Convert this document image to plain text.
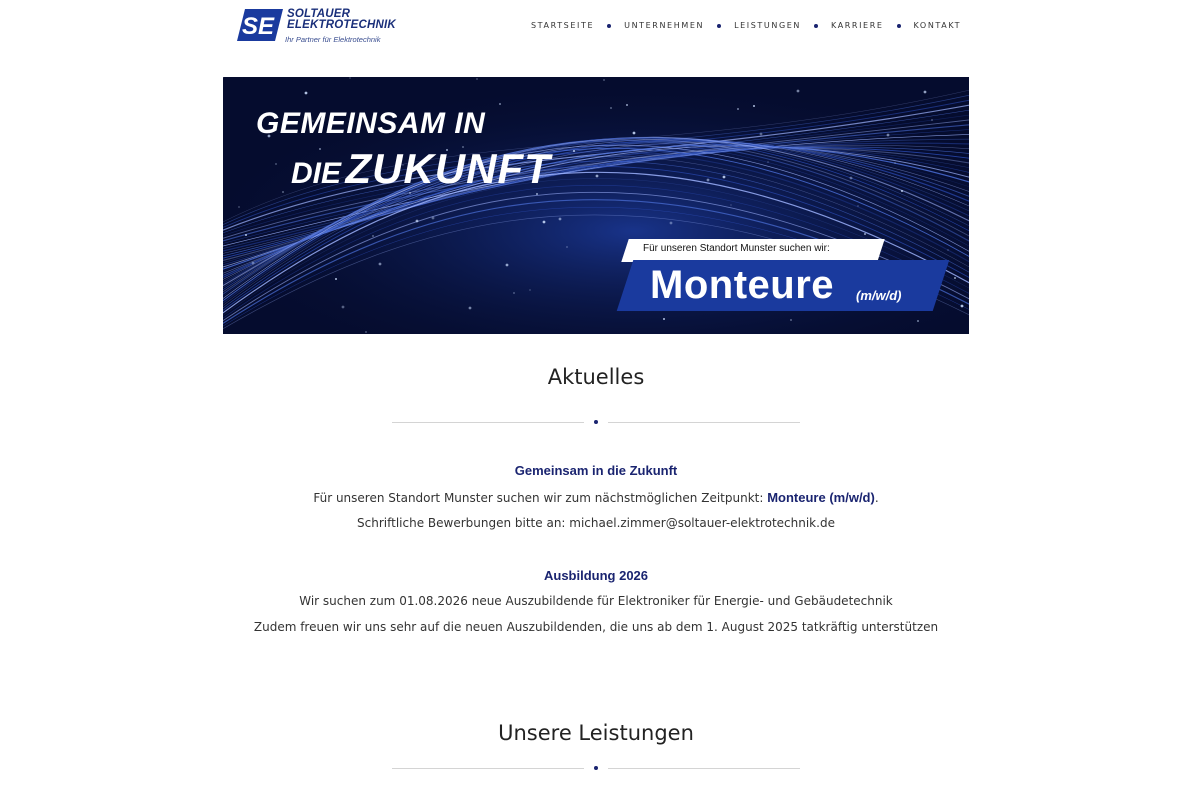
SE SOLTAUER
ELEKTROTECHNIK
Ihr Partner für Elektrotechnik
STARTSEITE	UNTERNEHMEN	LEISTUNGEN	KARRIERE	KONTAKT
GEMEINSAM IN
DIE ZUKUNFT
Für unseren Standort Munster suchen wir:
Monteure (m/w/d)
Aktuelles
Gemeinsam in die Zukunft
Für unseren Standort Munster suchen wir zum nächstmöglichen Zeitpunkt: Monteure (m/w/d).
Schriftliche Bewerbungen bitte an: michael.zimmer@soltauer-elektrotechnik.de
Ausbildung 2026
Wir suchen zum 01.08.2026 neue Auszubildende für Elektroniker für Energie- und Gebäudetechnik
Zudem freuen wir uns sehr auf die neuen Auszubildenden, die uns ab dem 1. August 2025 tatkräftig unterstützen
Unsere Leistungen
